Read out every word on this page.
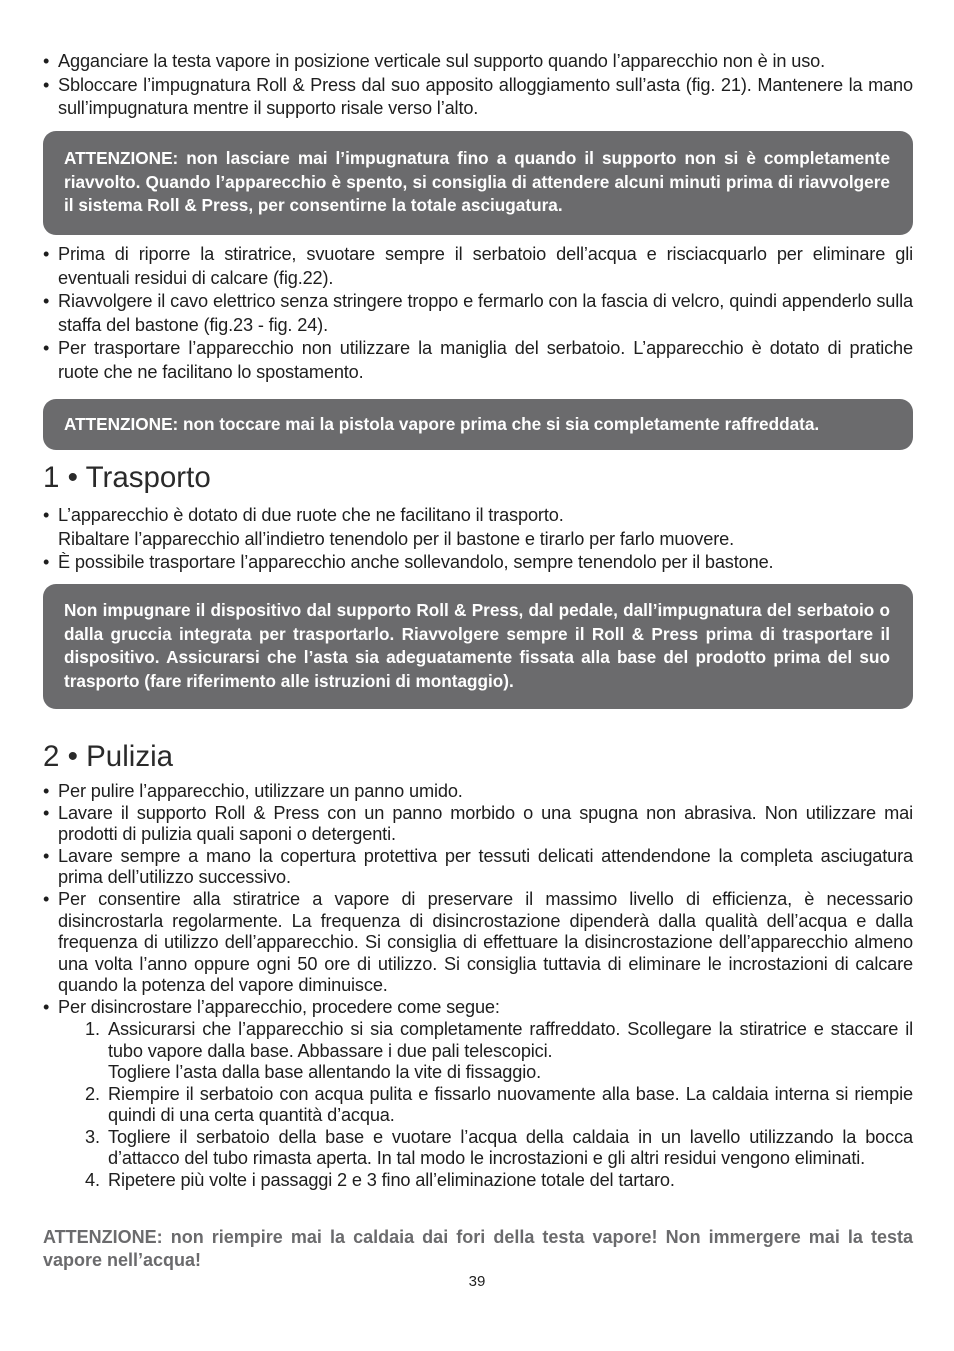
• Agganciare la testa vapore in posizione verticale sul supporto quando l’apparecchio non è in uso.
• Sbloccare l’impugnatura Roll & Press dal suo apposito alloggiamento sull’asta (fig. 21). Mantenere la mano sull’impugnatura mentre il supporto risale verso l’alto.
ATTENZIONE: non lasciare mai l’impugnatura fino a quando il supporto non si è completamente riavvolto. Quando l’apparecchio è spento, si consiglia di attendere alcuni minuti prima di riavvolgere il sistema Roll & Press, per consentirne la totale asciugatura.
• Prima di riporre la stiratrice, svuotare sempre il serbatoio dell’acqua e risciacquarlo per eliminare gli eventuali residui di calcare (fig.22).
• Riavvolgere il cavo elettrico senza stringere troppo e fermarlo con la fascia di velcro, quindi appenderlo sulla staffa del bastone (fig.23 - fig. 24).
• Per trasportare l’apparecchio non utilizzare la maniglia del serbatoio. L’apparecchio è dotato di pratiche ruote che ne facilitano lo spostamento.
ATTENZIONE: non toccare mai la pistola vapore prima che si sia completamente raffreddata.
1 • Trasporto
• L’apparecchio è dotato di due ruote che ne facilitano il trasporto.
Ribaltare l’apparecchio all’indietro tenendolo per il bastone e tirarlo per farlo muovere.
• È possibile trasportare l’apparecchio anche sollevandolo, sempre tenendolo per il bastone.
Non impugnare il dispositivo dal supporto Roll & Press, dal pedale, dall’impugnatura del serbatoio o dalla gruccia integrata per trasportarlo. Riavvolgere sempre il Roll & Press prima di trasportare il dispositivo. Assicurarsi che l’asta sia adeguatamente fissata alla base del prodotto prima del suo trasporto (fare riferimento alle istruzioni di montaggio).
2 • Pulizia
• Per pulire l’apparecchio, utilizzare un panno umido.
• Lavare il supporto Roll & Press con un panno morbido o una spugna non abrasiva. Non utilizzare mai prodotti di pulizia quali saponi o detergenti.
• Lavare sempre a mano la copertura protettiva per tessuti delicati attendendone la completa asciugatura prima dell’utilizzo successivo.
• Per consentire alla stiratrice a vapore di preservare il massimo livello di efficienza, è necessario disincrostarla regolarmente. La frequenza di disincrostazione dipenderà dalla qualità dell’acqua e dalla frequenza di utilizzo dell’apparecchio. Si consiglia di effettuare la disincrostazione dell’apparecchio almeno una volta l’anno oppure ogni 50 ore di utilizzo. Si consiglia tuttavia di eliminare le incrostazioni di calcare quando la potenza del vapore diminuisce.
• Per disincrostare l’apparecchio, procedere come segue:
1. Assicurarsi che l’apparecchio si sia completamente raffreddato. Scollegare la stiratrice e staccare il tubo vapore dalla base. Abbassare i due pali telescopici.
Togliere l’asta dalla base allentando la vite di fissaggio.
2. Riempire il serbatoio con acqua pulita e fissarlo nuovamente alla base. La caldaia interna si riempie quindi di una certa quantità d’acqua.
3. Togliere il serbatoio della base e vuotare l’acqua della caldaia in un lavello utilizzando la bocca d’attacco del tubo rimasta aperta. In tal modo le incrostazioni e gli altri residui vengono eliminati.
4. Ripetere più volte i passaggi 2 e 3 fino all’eliminazione totale del tartaro.
ATTENZIONE: non riempire mai la caldaia dai fori della testa vapore! Non immergere mai la testa vapore nell’acqua!
39
